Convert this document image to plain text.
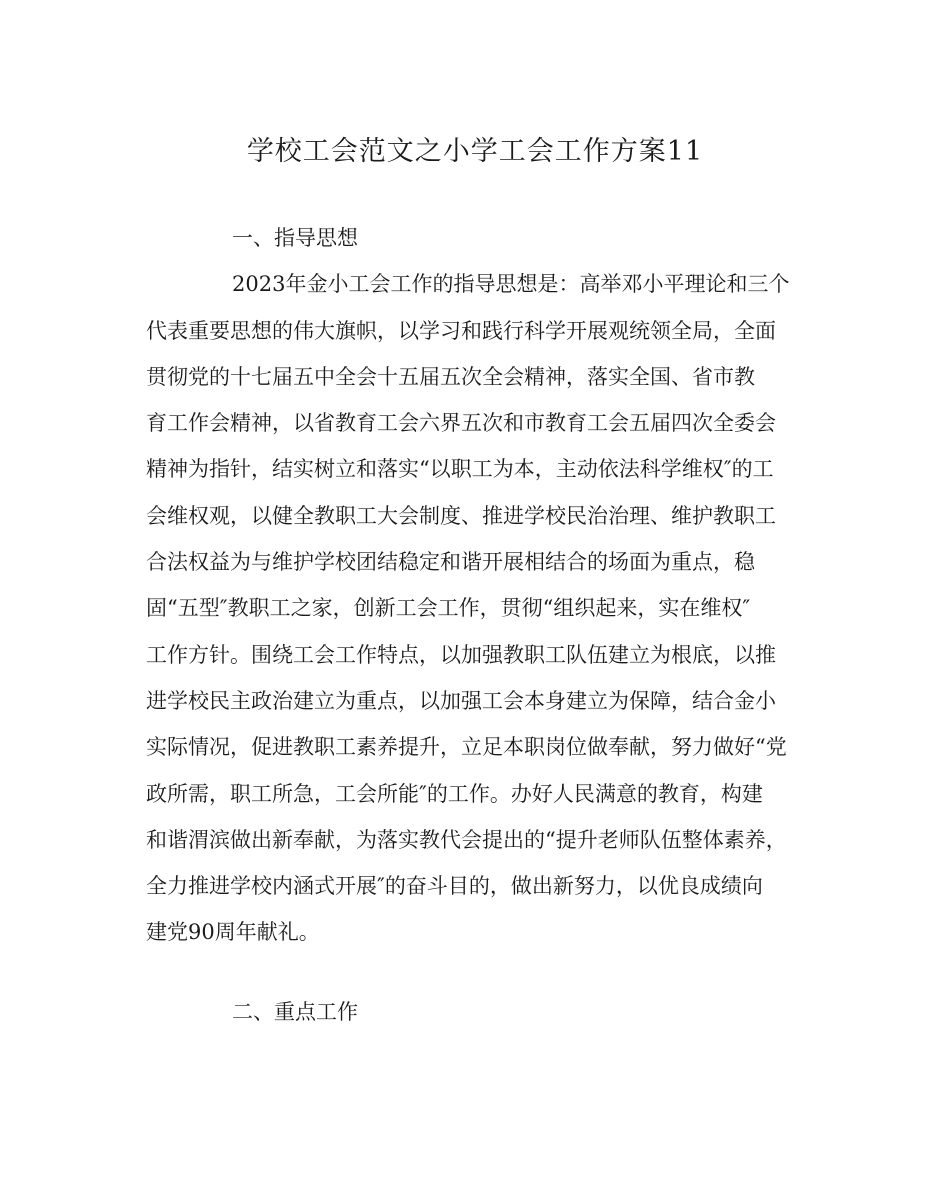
学校工会范文之小学工会工作方案11
一、指导思想
2023年金小工会工作的指导思想是：高举邓小平理论和三个
代表重要思想的伟大旗帜，以学习和践行科学开展观统领全局，全面
贯彻党的十七届五中全会十五届五次全会精神，落实全国、省市教
育工作会精神，以省教育工会六界五次和市教育工会五届四次全委会
精神为指针，结实树立和落实“以职工为本，主动依法科学维权″的工
会维权观，以健全教职工大会制度、推进学校民治治理、维护教职工
合法权益为与维护学校团结稳定和谐开展相结合的场面为重点，稳
固“五型″教职工之家，创新工会工作，贯彻“组织起来，实在维权″
工作方针。围绕工会工作特点，以加强教职工队伍建立为根底，以推
进学校民主政治建立为重点，以加强工会本身建立为保障，结合金小
实际情况，促进教职工素养提升，立足本职岗位做奉献，努力做好“党
政所需，职工所急，工会所能″的工作。办好人民满意的教育，构建
和谐渭滨做出新奉献，为落实教代会提出的“提升老师队伍整体素养，
全力推进学校内涵式开展″的奋斗目的，做出新努力，以优良成绩向
建党90周年献礼。
二、重点工作
